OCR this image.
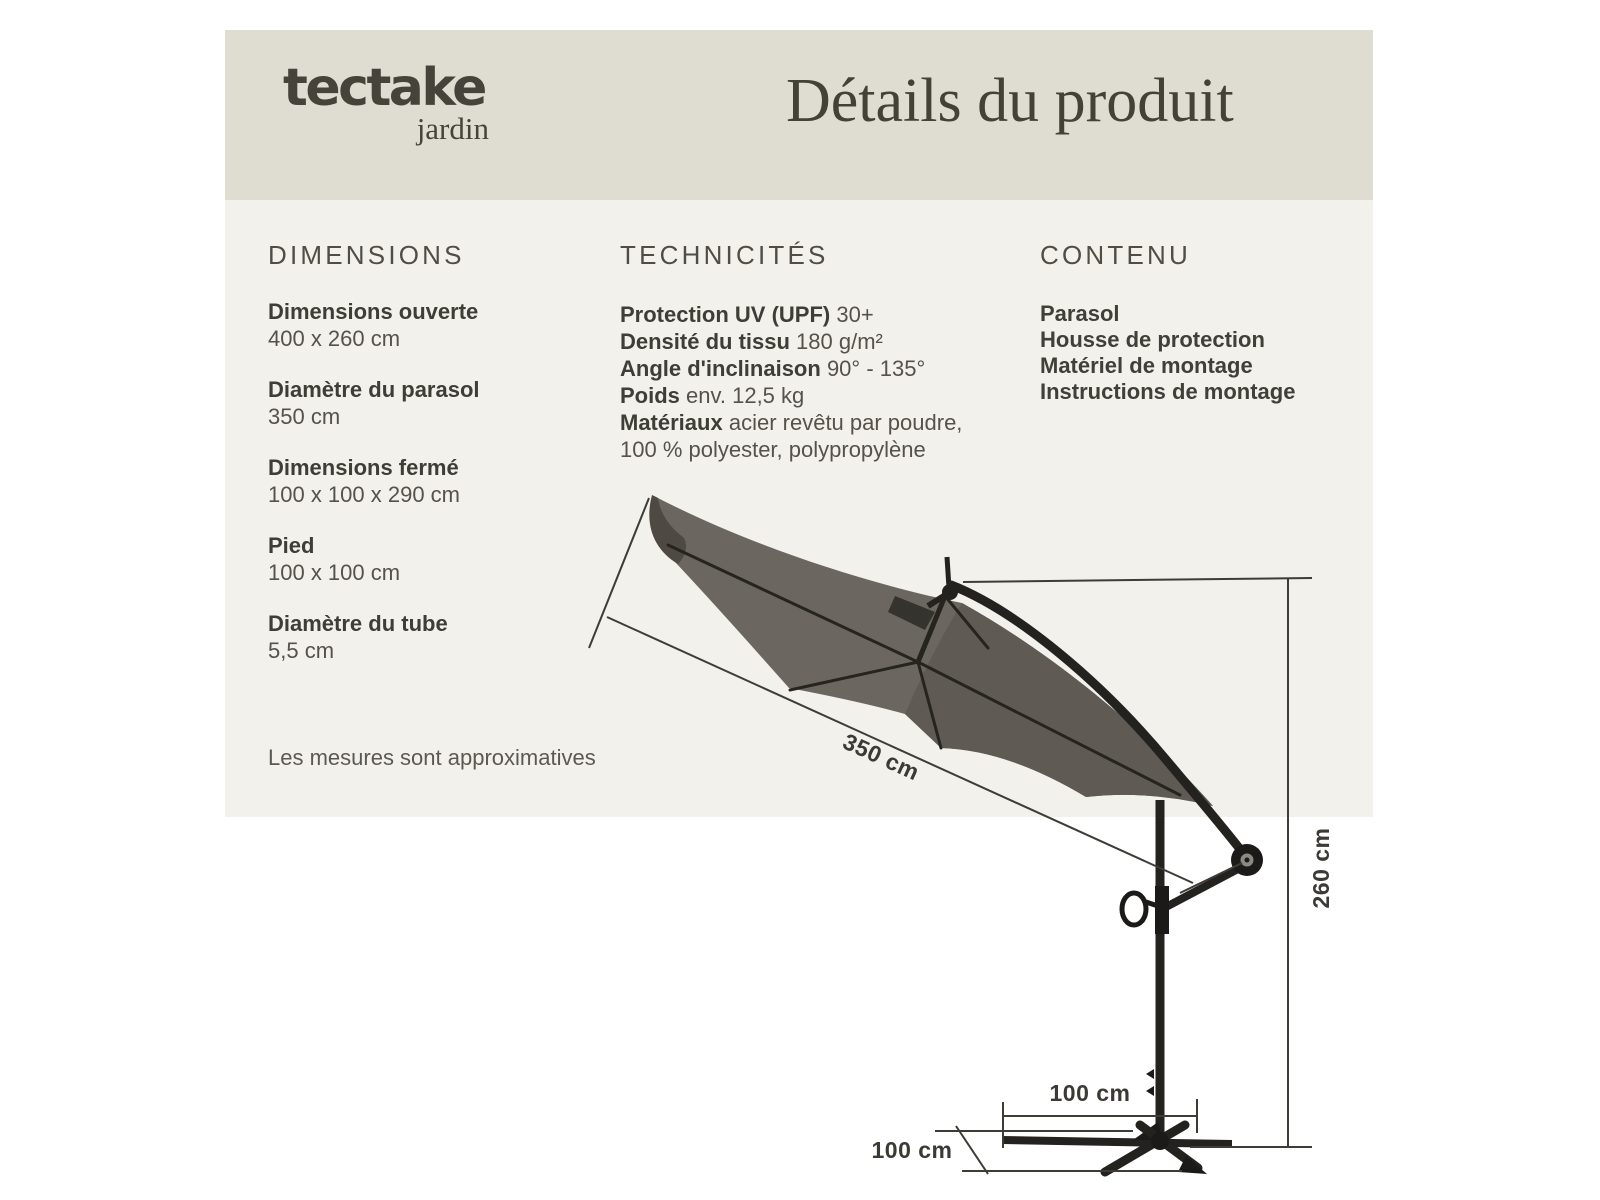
tectake
jardin	Détails du produit
DIMENSIONS
Dimensions ouverte
400 x 260 cm
Diamètre du parasol
350 cm
Dimensions fermé
100 x 100 x 290 cm
Pied
100 x 100 cm
Diamètre du tube
5,5 cm
TECHNICITÉS
Protection UV (UPF) 30+
Densité du tissu 180 g/m²
Angle d'inclinaison 90° - 135°
Poids env. 12,5 kg
Matériaux acier revêtu par poudre,
100 % polyester, polypropylène
CONTENU
Parasol
Housse de protection
Matériel de montage
Instructions de montage
Les mesures sont approximatives	350 cm
260 cm
100 cm
100 cm
